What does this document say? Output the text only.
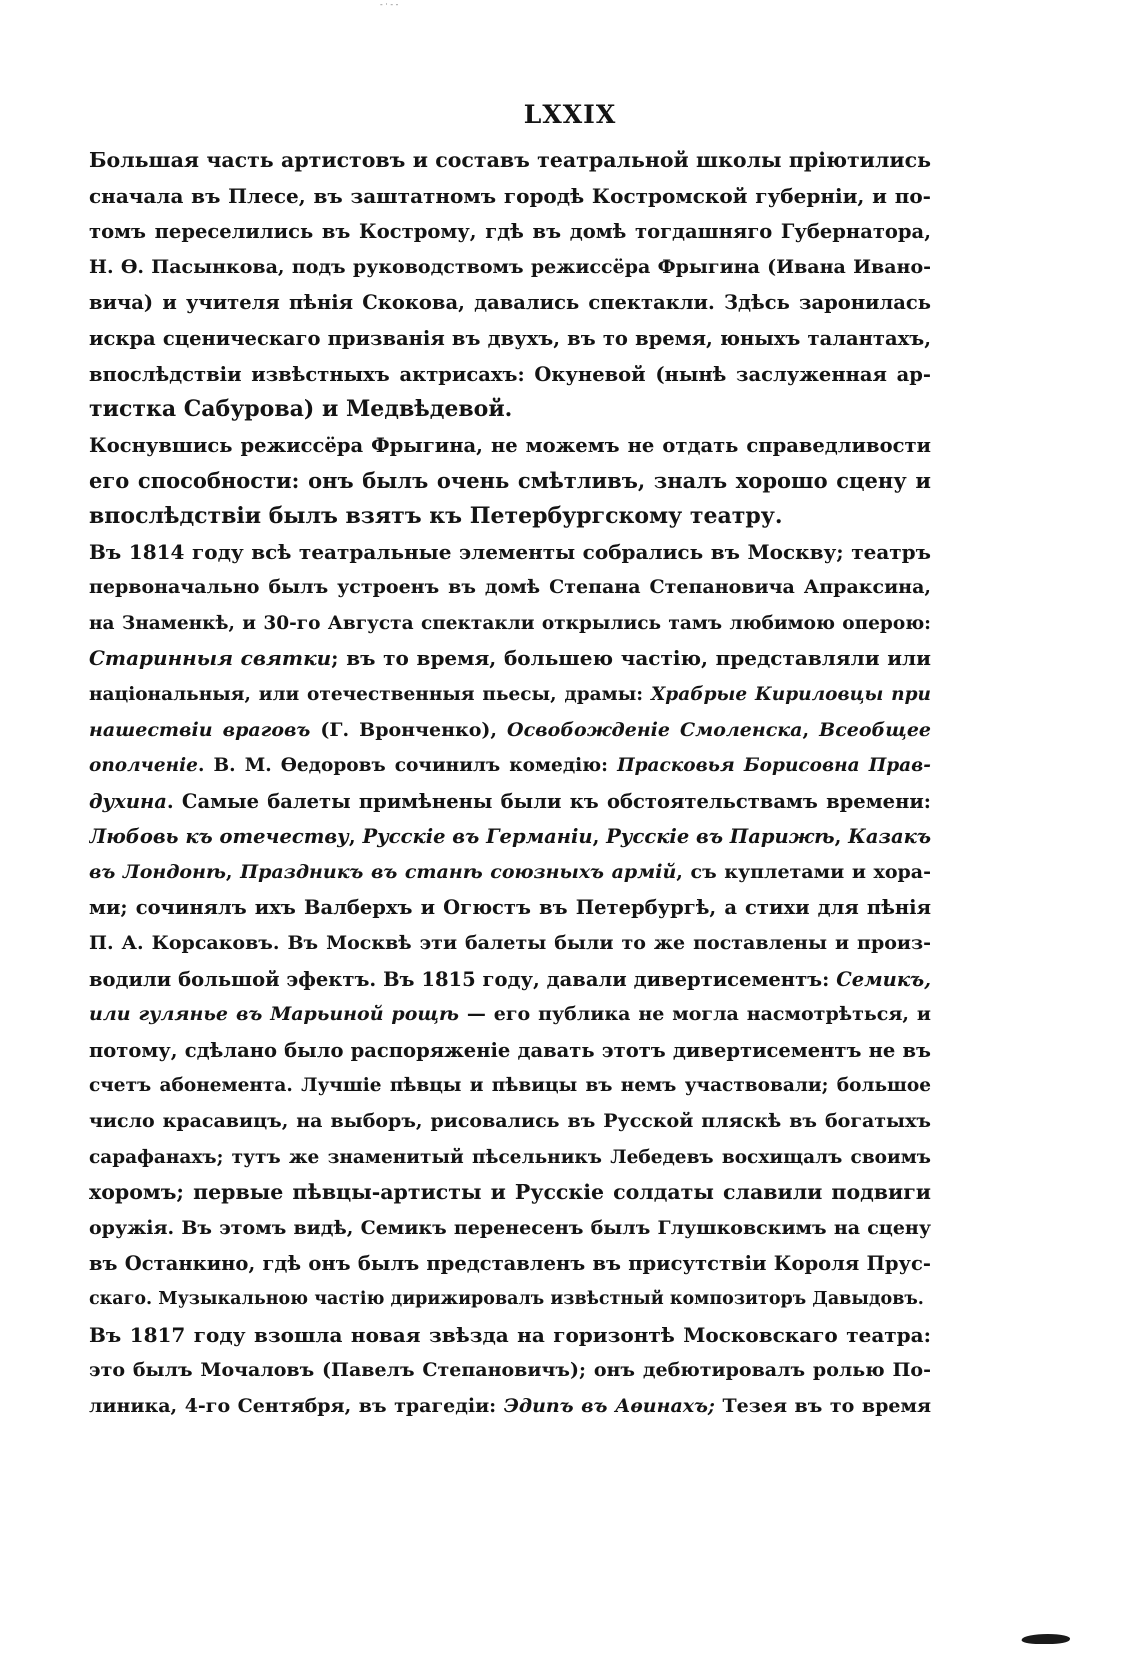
- · - -
LXXIX
Большая часть артистовъ и составъ театральной школы пріютились
сначала въ Плесе, въ заштатномъ городѣ Костромской губерніи, и по-
томъ переселились въ Кострому, гдѣ въ домѣ тогдашняго Губернатора,
Н. Ѳ. Пасынкова, подъ руководствомъ режиссёра Фрыгина (Ивана Ивано-
вича) и учителя пѣнія Скокова, давались спектакли. Здѣсь заронилась
искра сценическаго призванія въ двухъ, въ то время, юныхъ талантахъ,
впослѣдствіи извѣстныхъ актрисахъ: Окуневой (нынѣ заслуженная ар-
тистка Сабурова) и Медвѣдевой.
Коснувшись режиссёра Фрыгина, не можемъ не отдать справедливости
его способности: онъ былъ очень смѣтливъ, зналъ хорошо сцену и
впослѣдствіи былъ взятъ къ Петербургскому театру.
Въ 1814 году всѣ театральные элементы собрались въ Москву; театръ
первоначально былъ устроенъ въ домѣ Степана Степановича Апраксина,
на Знаменкѣ, и 30-го Августа спектакли открылись тамъ любимою оперою:
Старинныя святки; въ то время, большею частію, представляли или
національныя, или отечественныя пьесы, драмы: Храбрые Кириловцы при
нашествіи враговъ (Г. Вронченко), Освобожденіе Смоленска, Всеобщее
ополченіе. В. М. Ѳедоровъ сочинилъ комедію: Прасковья Борисовна Прав-
духина. Самые балеты примѣнены были къ обстоятельствамъ времени:
Любовь къ отечеству, Русскіе въ Германіи, Русскіе въ Парижѣ, Казакъ
въ Лондонѣ, Праздникъ въ станѣ союзныхъ армій, съ куплетами и хора-
ми; сочинялъ ихъ Валберхъ и Огюстъ въ Петербургѣ, а стихи для пѣнія
П. А. Корсаковъ. Въ Москвѣ эти балеты были то же поставлены и произ-
водили большой эфектъ. Въ 1815 году, давали дивертисементъ: Семикъ,
или гулянье въ Марьиной рощѣ — его публика не могла насмотрѣться, и
потому, сдѣлано было распоряженіе давать этотъ дивертисементъ не въ
счетъ абонемента. Лучшіе пѣвцы и пѣвицы въ немъ участвовали; большое
число красавицъ, на выборъ, рисовались въ Русской пляскѣ въ богатыхъ
сарафанахъ; тутъ же знаменитый пѣсельникъ Лебедевъ восхищалъ своимъ
хоромъ; первые пѣвцы-артисты и Русскіе солдаты славили подвиги
оружія. Въ этомъ видѣ, Семикъ перенесенъ былъ Глушковскимъ на сцену
въ Останкино, гдѣ онъ былъ представленъ въ присутствіи Короля Прус-
скаго. Музыкальною частію дирижировалъ извѣстный композиторъ Давыдовъ.
Въ 1817 году взошла новая звѣзда на горизонтѣ Московскаго театра:
это былъ Мочаловъ (Павелъ Степановичъ); онъ дебютировалъ ролью По-
линика, 4-го Сентября, въ трагедіи: Эдипъ въ Аѳинахъ; Тезея въ то время
